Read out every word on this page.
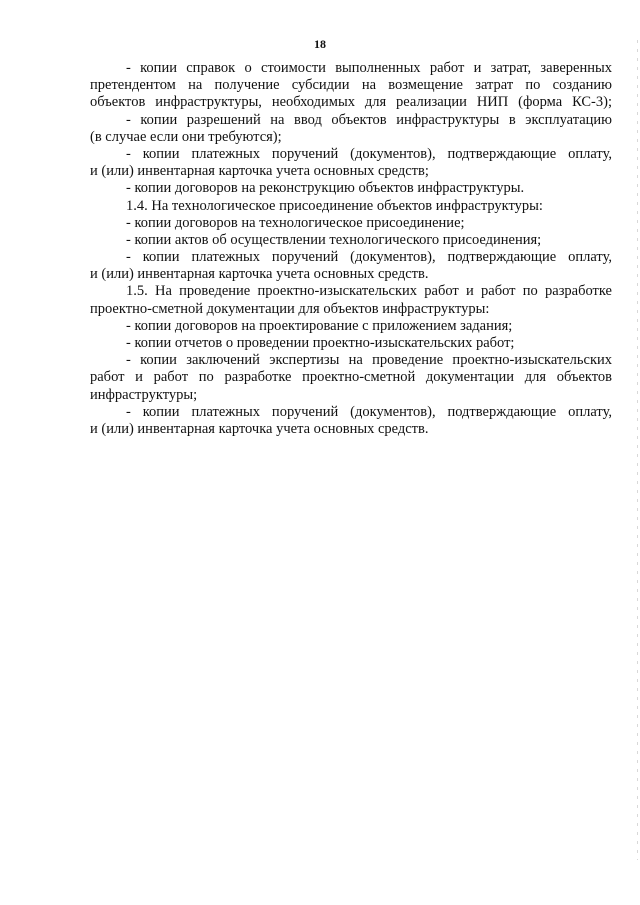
18
- копии справок о стоимости выполненных работ и затрат, заверенных
претендентом на получение субсидии на возмещение затрат по созданию
объектов инфраструктуры, необходимых для реализации НИП (форма КС-3);
- копии разрешений на ввод объектов инфраструктуры в эксплуатацию
(в случае если они требуются);
- копии платежных поручений (документов), подтверждающие оплату,
и (или) инвентарная карточка учета основных средств;
- копии договоров на реконструкцию объектов инфраструктуры.
1.4. На технологическое присоединение объектов инфраструктуры:
- копии договоров на технологическое присоединение;
- копии актов об осуществлении технологического присоединения;
- копии платежных поручений (документов), подтверждающие оплату,
и (или) инвентарная карточка учета основных средств.
1.5. На проведение проектно-изыскательских работ и работ по разработке
проектно-сметной документации для объектов инфраструктуры:
- копии договоров на проектирование с приложением задания;
- копии отчетов о проведении проектно-изыскательских работ;
- копии заключений экспертизы на проведение проектно-изыскательских
работ и работ по разработке проектно-сметной документации для объектов
инфраструктуры;
- копии платежных поручений (документов), подтверждающие оплату,
и (или) инвентарная карточка учета основных средств.
